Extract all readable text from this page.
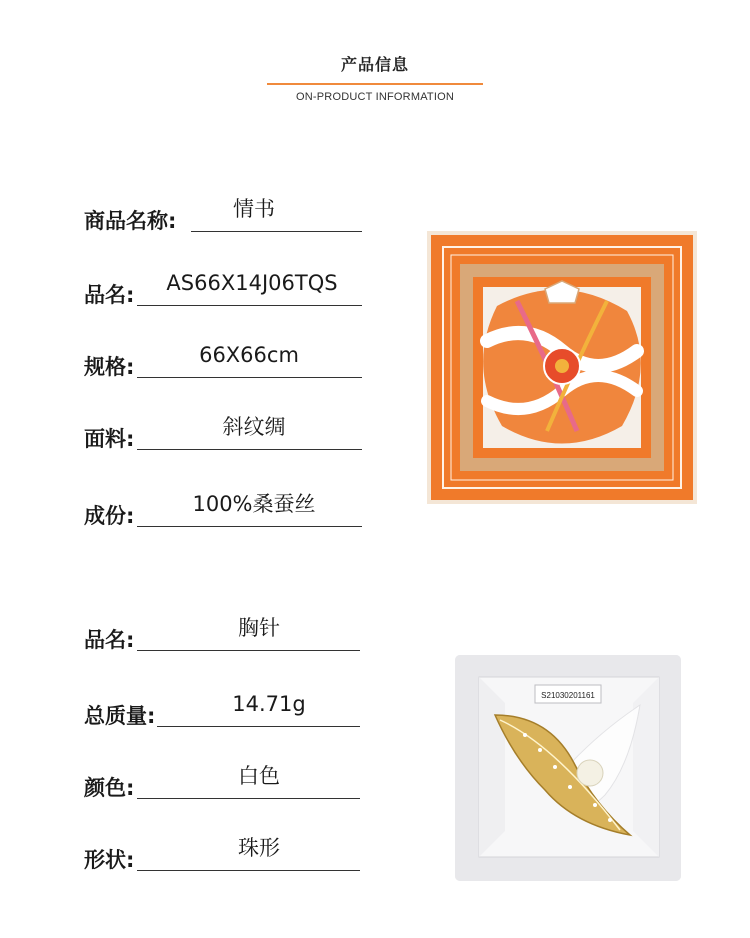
产品信息
ON-PRODUCT INFORMATION
商品名称:	情书
品名: AS66X14J06TQS
规格:	66X66cm
面料:	斜纹绸
成份:	100%桑蚕丝
品名:	胸针
总质量:	14.71g
颜色:	白色
形状:	珠形
S21030201161
